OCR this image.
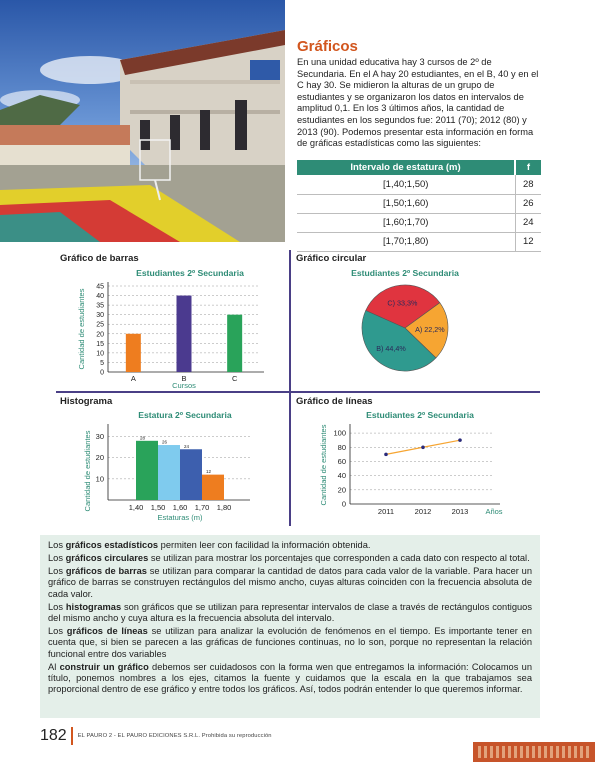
Gráficos
En una unidad educativa hay 3 cursos de 2º de Secundaria. En el A hay 20 estudiantes, en el B, 40 y en el C hay 30. Se midieron la alturas de un grupo de estudiantes y se organizaron los datos en intervalos de amplitud 0,1. En los 3 últimos años, la cantidad de estudiantes en los segundos fue: 2011 (70); 2012 (80) y 2013 (90). Podemos presentar esta información en forma de gráficas estadísticas como las siguientes:
Intervalo de estatura (m)	f
[1,40;1,50)	28
[1,50;1,60)	26
[1,60;1,70)	24
[1,70;1,80)	12
Gráfico de barras
Estudiantes 2º Secundaria
0
5
10
15
20
25
30
35
40
45
A	B	C
Cursos
Cantidad de estudiantes
Gráfico circular
Estudiantes 2º Secundaria
C) 33,3%
A) 22,2%
B) 44,4%
Histograma
Estatura 2º Secundaria
10
20
30	28
26
24
12
1,40 1,50 1,60 1,70 1,80
Estaturas (m)
Cantidad de estudiantes
Gráfico de líneas
Estudiantes 2º Secundaria
20
40
60
80
100
0
2011	2012	2013 Años
Cantidad de estudiantes

Los gráficos estadísticos permiten leer con facilidad la información obtenida.

Los gráficos circulares se utilizan para mostrar los porcentajes que corresponden a cada dato con respecto al total.

Los gráficos de barras se utilizan para comparar la cantidad de datos para cada valor de la variable. Para hacer un gráfico de barras se construyen rectángulos del mismo ancho, cuyas alturas coinciden con la frecuencia absoluta de cada valor.

Los histogramas son gráficos que se utilizan para representar intervalos de clase a través de rectángulos contiguos del mismo ancho y cuya altura es la frecuencia absoluta del intervalo.

Los gráficos de líneas se utilizan para analizar la evolución de fenómenos en el tiempo. Es importante tener en cuenta que, si bien se parecen a las gráficas de funciones continuas, no lo son, porque no representan la relación funcional entre dos variables

Al construir un gráfico debemos ser cuidadosos con la forma wen que entregamos la información: Colocamos un título, ponemos nombres a los ejes, citamos la fuente y cuidamos que la escala en la que trabajamos sea proporcional dentro de ese gráfico y entre todos los gráficos. Así, todos podrán entender lo que queremos informar.

182	EL PAURO 2 - EL PAURO EDICIONES S.R.L. Prohibida su reproducción
